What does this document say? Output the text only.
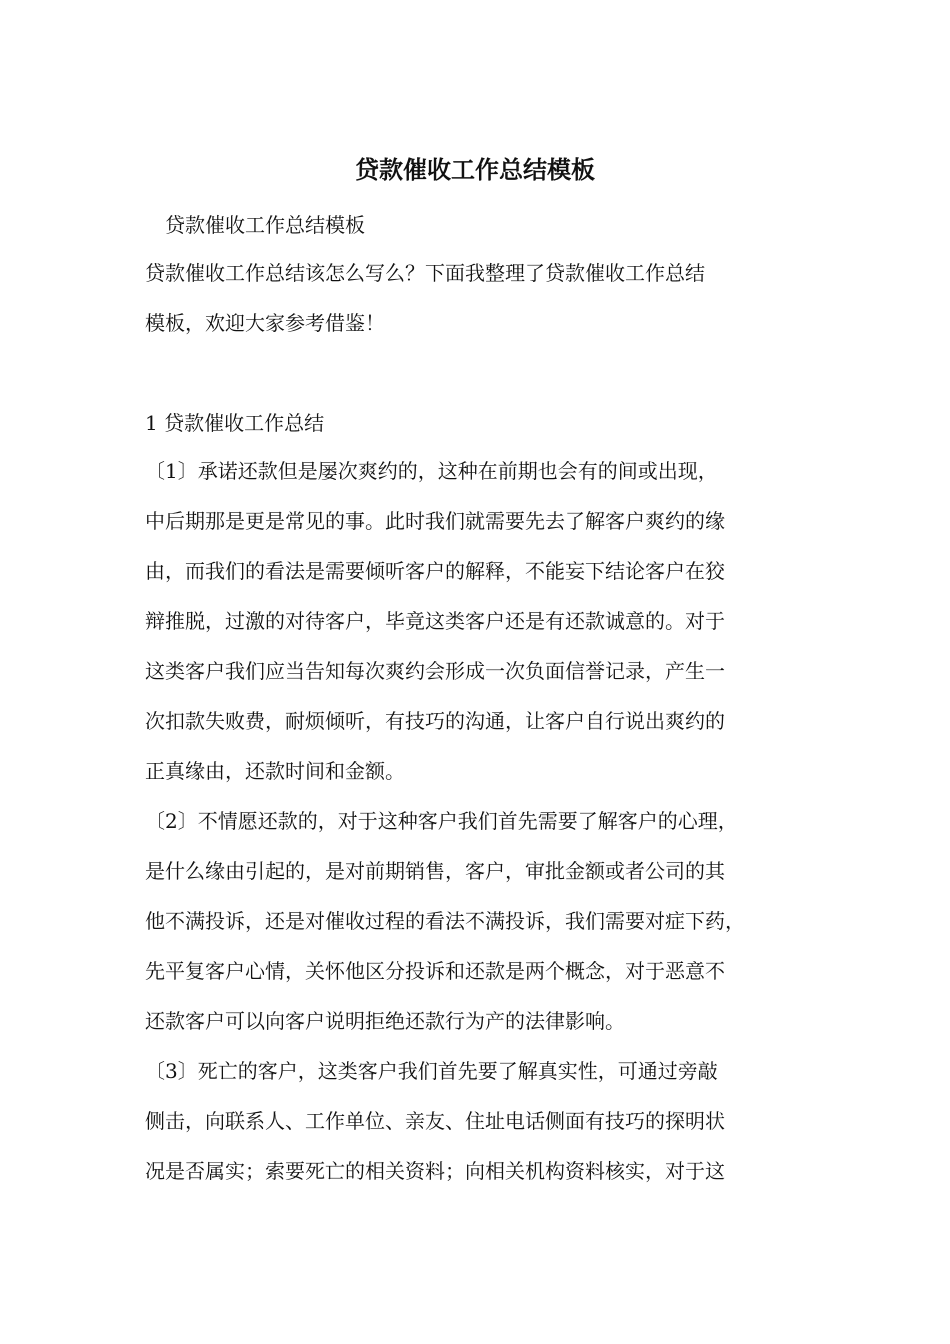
贷款催收工作总结模板

贷款催收工作总结模板

贷款催收工作总结该怎么写么？下面我整理了贷款催收工作总结
模板，欢迎大家参考借鉴！

1 贷款催收工作总结

〔1〕承诺还款但是屡次爽约的，这种在前期也会有的间或出现，
中后期那是更是常见的事。此时我们就需要先去了解客户爽约的缘
由，而我们的看法是需要倾听客户的解释，不能妄下结论客户在狡
辩推脱，过激的对待客户，毕竟这类客户还是有还款诚意的。对于
这类客户我们应当告知每次爽约会形成一次负面信誉记录，产生一
次扣款失败费，耐烦倾听，有技巧的沟通，让客户自行说出爽约的
正真缘由，还款时间和金额。

〔2〕不情愿还款的，对于这种客户我们首先需要了解客户的心理，
是什么缘由引起的，是对前期销售，客户，审批金额或者公司的其
他不满投诉，还是对催收过程的看法不满投诉，我们需要对症下药，
先平复客户心情，关怀他区分投诉和还款是两个概念，对于恶意不
还款客户可以向客户说明拒绝还款行为产的法律影响。

〔3〕死亡的客户，这类客户我们首先要了解真实性，可通过旁敲
侧击，向联系人、工作单位、亲友、住址电话侧面有技巧的探明状
况是否属实；索要死亡的相关资料；向相关机构资料核实，对于这
